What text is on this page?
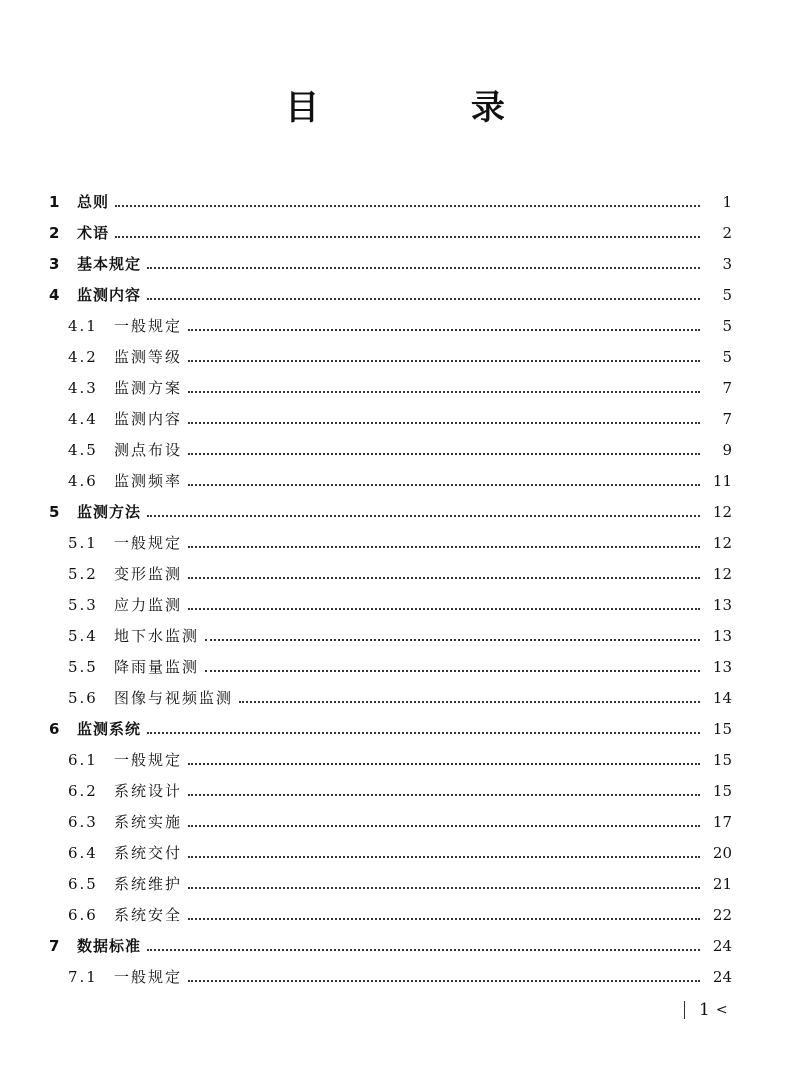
目 录
1	总则	1
2	术语	2
3	基本规定	3
4	监测内容	5
4.1	一般规定	5
4.2	监测等级	5
4.3	监测方案	7
4.4	监测内容	7
4.5	测点布设	9
4.6	监测频率	11
5	监测方法	12
5.1	一般规定	12
5.2	变形监测	12
5.3	应力监测	13
5.4	地下水监测	13
5.5	降雨量监测	13
5.6	图像与视频监测	14
6	监测系统	15
6.1	一般规定	15
6.2	系统设计	15
6.3	系统实施	17
6.4	系统交付	20
6.5	系统维护	21
6.6	系统安全	22
7	数据标准	24
7.1	一般规定	24
1 <
